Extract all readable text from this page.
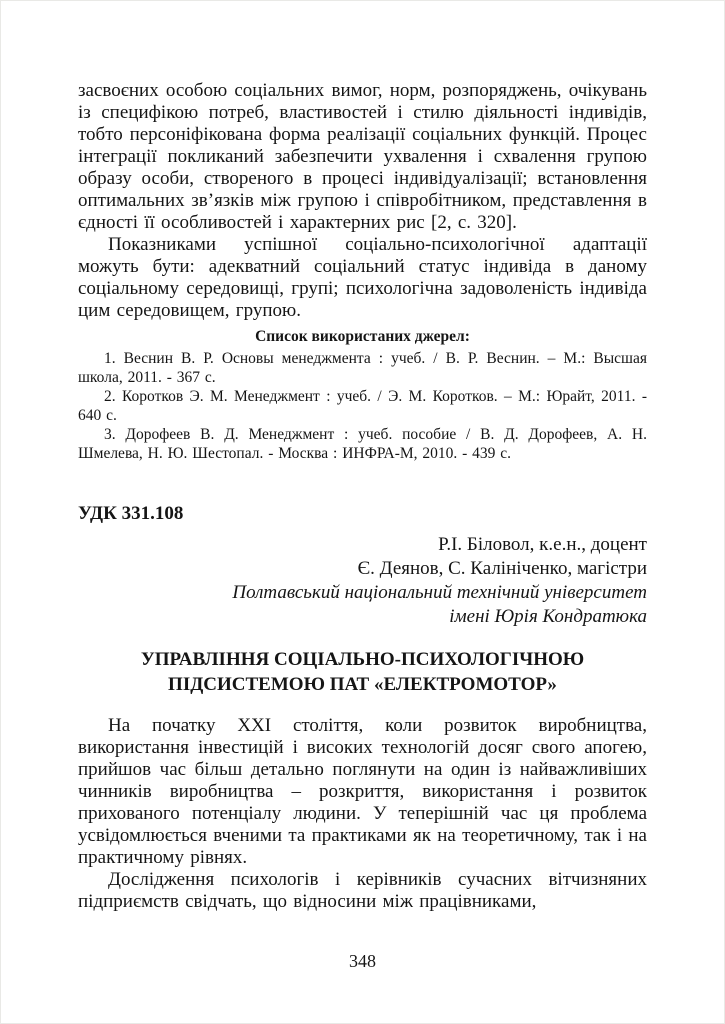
засвоєних особою соціальних вимог, норм, розпоряджень, очікувань із специфікою потреб, властивостей і стилю діяльності індивідів, тобто персоніфікована форма реалізації соціальних функцій. Процес інтеграції покликаний забезпечити ухвалення і схвалення групою образу особи, створеного в процесі індивідуалізації; встановлення оптимальних зв’язків між групою і співробітником, представлення в єдності її особливостей і характерних рис [2, с. 320].

Показниками успішної соціально-психологічної адаптації можуть бути: адекватний соціальний статус індивіда в даному соціальному середовищі, групі; психологічна задоволеність індивіда цим середовищем, групою.

Список використаних джерел:

1. Веснин В. Р. Основы менеджмента : учеб. / В. Р. Веснин. – М.: Высшая школа, 2011. - 367 с.

2. Коротков Э. М. Менеджмент : учеб. / Э. М. Коротков. – М.: Юрайт, 2011. - 640 с.

3. Дорофеев В. Д. Менеджмент : учеб. пособие / В. Д. Дорофеев, А. Н. Шмелева, Н. Ю. Шестопал. - Москва : ИНФРА-М, 2010. - 439 с.

УДК 331.108
Р.І. Біловол, к.е.н., доцент
Є. Деянов, С. Калініченко, магістри
Полтавський національний технічний університет
імені Юрія Кондратюка
УПРАВЛІННЯ СОЦІАЛЬНО-ПСИХОЛОГІЧНОЮ
ПІДСИСТЕМОЮ ПАТ «ЕЛЕКТРОМОТОР»

На початку XXI століття, коли розвиток виробництва, використання інвестицій і високих технологій досяг свого апогею, прийшов час більш детально поглянути на один із найважливіших чинників виробництва – розкриття, використання і розвиток прихованого потенціалу людини. У теперішній час ця проблема усвідомлюється вченими та практиками як на теоретичному, так і на практичному рівнях.

Дослідження психологів і керівників сучасних вітчизняних підприємств свідчать, що відносини між працівниками,

348
